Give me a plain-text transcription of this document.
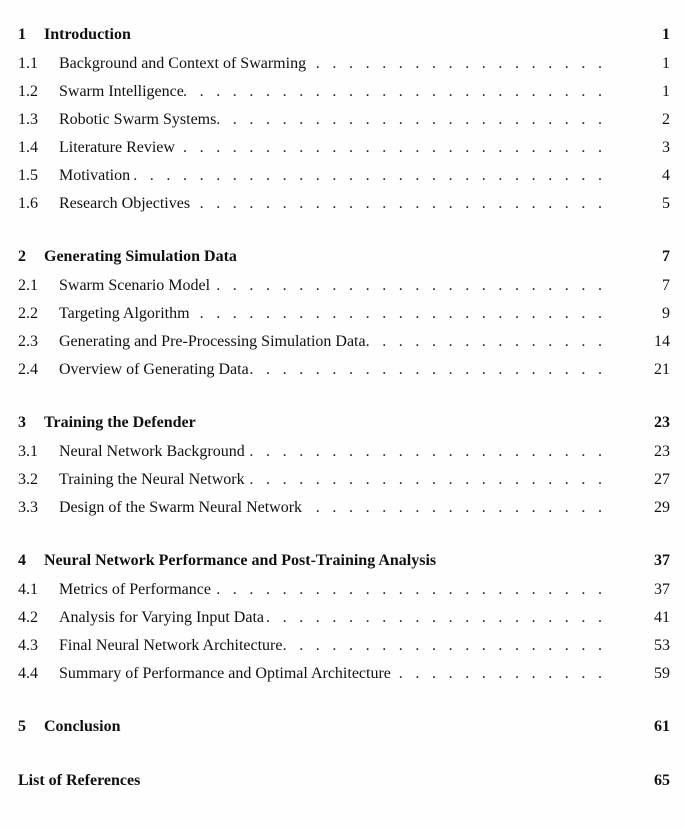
1	Introduction	1
1.1	Background and Context of Swarming . . .	1
1.2	Swarm Intelligence . . .	1
1.3	Robotic Swarm Systems . . .	2
1.4	Literature Review . . .	3
1.5	Motivation . . .	4
1.6	Research Objectives . . .	5
2	Generating Simulation Data	7
2.1	Swarm Scenario Model . . .	7
2.2	Targeting Algorithm . . .	9
2.3	Generating and Pre-Processing Simulation Data . . .	14
2.4	Overview of Generating Data . . .	21
3	Training the Defender	23
3.1	Neural Network Background . . .	23
3.2	Training the Neural Network . . .	27
3.3	Design of the Swarm Neural Network . . .	29
4	Neural Network Performance and Post-Training Analysis	37
4.1	Metrics of Performance . . .	37
4.2	Analysis for Varying Input Data . . .	41
4.3	Final Neural Network Architecture . . .	53
4.4	Summary of Performance and Optimal Architecture . . .	59
5	Conclusion	61
List of References	65
